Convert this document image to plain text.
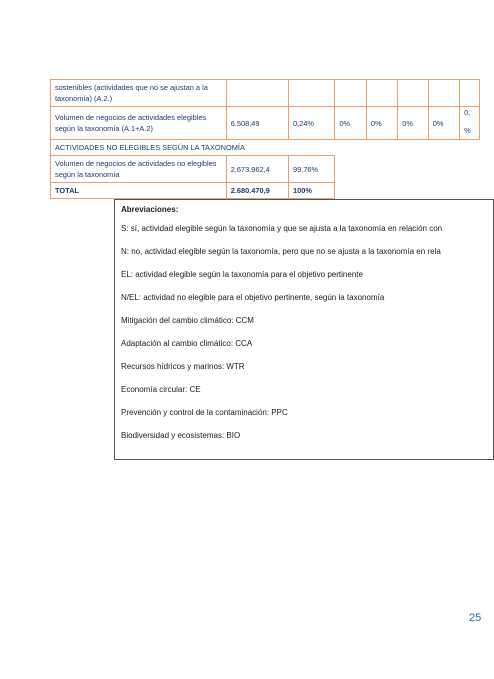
sostenibles (actividades que no se ajustan a la taxonomía) (A.2.)							
Volumen de negocios de actividades elegibles según la taxonomía (A.1+A.2)	6.508,49	0,24%	0%	0%	0%	0%	0,
%

ACTIVIDADES NO ELEGIBLES SEGÚN LA TAXONOMÍA							
Volumen de negocios de actividades no elegibles según la taxonomía	2.673.962,4	99,76%					
TOTAL	2.680.470,9	100%					

Abreviaciones:

S: sí, actividad elegible según la taxonomía y que se ajusta a la taxonomía en relación con

N: no, actividad elegible según la taxonomía, pero que no se ajusta a la taxonomía en rela

EL: actividad elegible según la taxonomía para el objetivo pertinente

N/EL: actividad no elegible para el objetivo pertinente, según la taxonomía

Mitigación del cambio climático: CCM

Adaptación al cambio climático: CCA

Recursos hídricos y marinos: WTR

Economía circular: CE

Prevención y control de la contaminación: PPC

Biodiversidad y ecosistemas: BIO

25
